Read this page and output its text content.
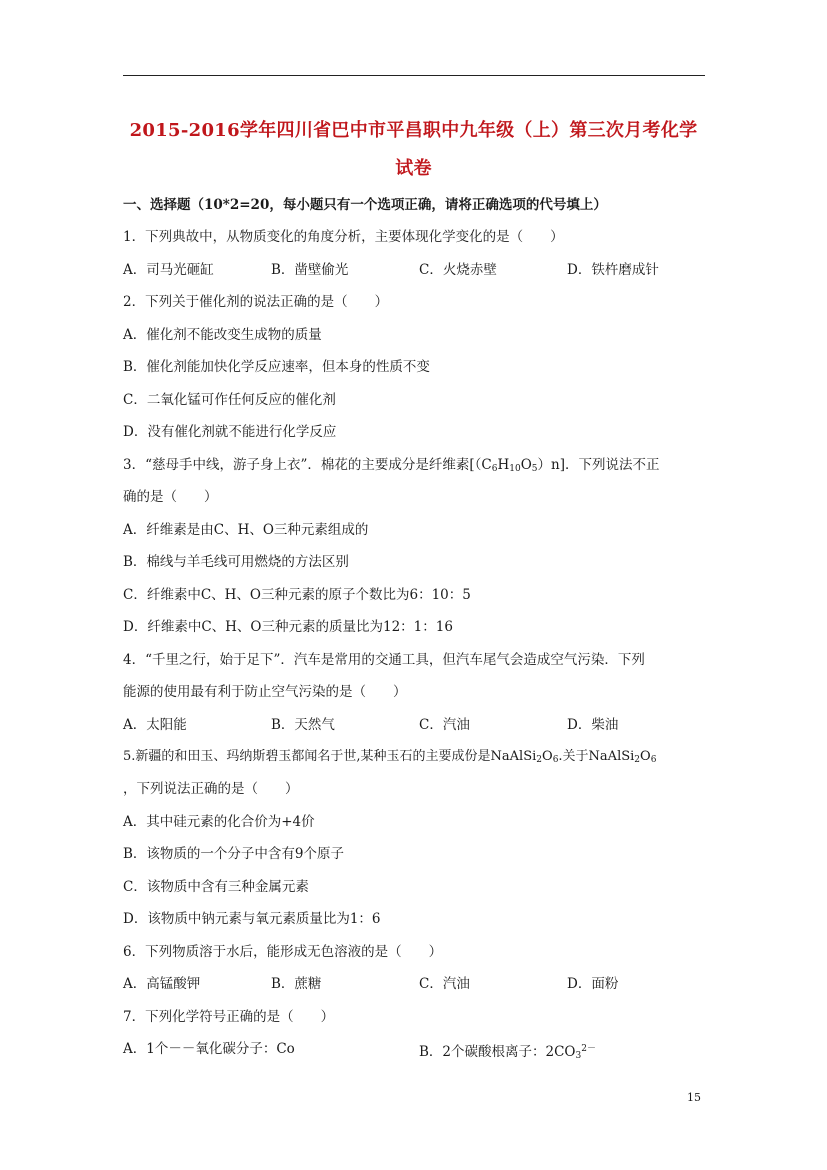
2015-2016学年四川省巴中市平昌职中九年级（上）第三次月考化学
试卷
一、选择题（10*2=20，每小题只有一个选项正确，请将正确选项的代号填上）
1．下列典故中，从物质变化的角度分析，主要体现化学变化的是（　　）
A．司马光砸缸	B．凿壁偷光	C．火烧赤壁	D．铁杵磨成针
2．下列关于催化剂的说法正确的是（　　）
A．催化剂不能改变生成物的质量
B．催化剂能加快化学反应速率，但本身的性质不变
C．二氧化锰可作任何反应的催化剂
D．没有催化剂就不能进行化学反应
3．“慈母手中线，游子身上衣”．棉花的主要成分是纤维素$[(C_6H_{10}O_5)n]$．下列说法不正
确的是（　　）
A．纤维素是由C、H、O三种元素组成的
B．棉线与羊毛线可用燃烧的方法区别
C．纤维素中C、H、O三种元素的原子个数比为6：10：5
D．纤维素中C、H、O三种元素的质量比为12：1：16
4．“千里之行，始于足下”．汽车是常用的交通工具，但汽车尾气会造成空气污染．下列
能源的使用最有利于防止空气污染的是（　　）
A．太阳能	B．天然气	C．汽油	D．柴油
5.新疆的和田玉、玛纳斯碧玉都闻名于世,某种玉石的主要成份是$NaAlSi_2O_6$.关于$NaAlSi_2O_6$
，下列说法正确的是（　　）
A．其中硅元素的化合价为+4价
B．该物质的一个分子中含有9个原子
C．该物质中含有三种金属元素
D．该物质中钠元素与氧元素质量比为1：6
6．下列物质溶于水后，能形成无色溶液的是（　　）
A．高锰酸钾	B．蔗糖	C．汽油	D．面粉
7．下列化学符号正确的是（　　）
A．1个－－氧化碳分子：Co	B．2个碳酸根离子：$2CO_3^{2-}$
15
